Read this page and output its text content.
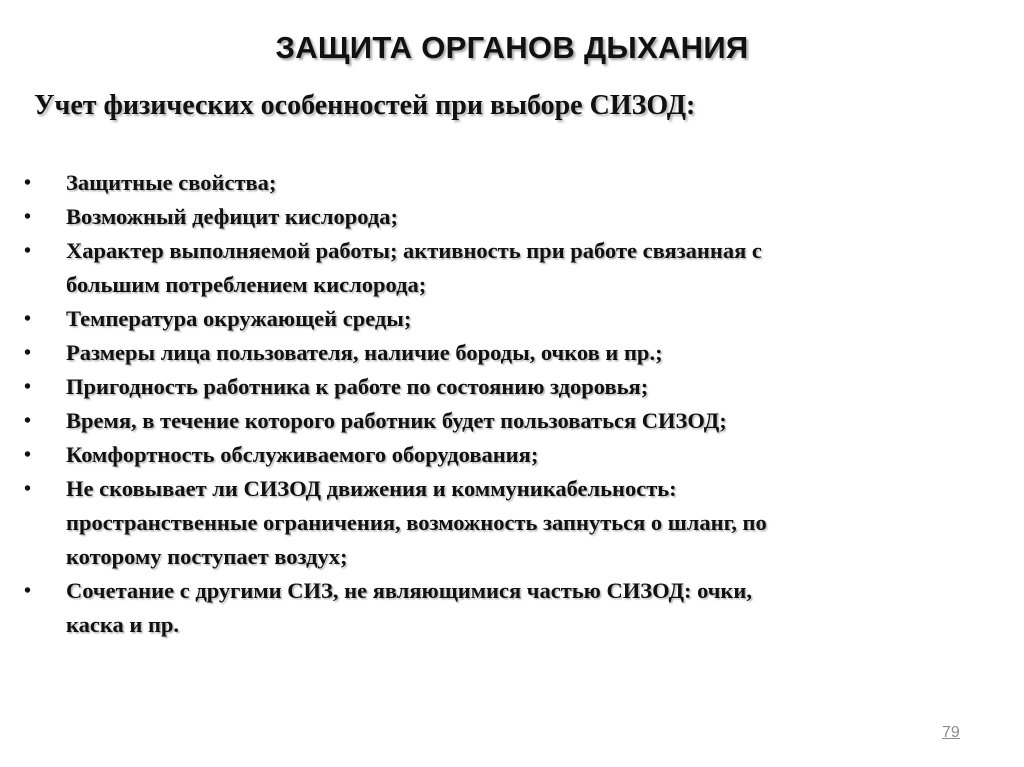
ЗАЩИТА ОРГАНОВ ДЫХАНИЯ
Учет физических особенностей при выборе СИЗОД:
• Защитные свойства;
• Возможный дефицит кислорода;
• Характер выполняемой работы; активность при работе связанная с
большим потреблением кислорода;
• Температура окружающей среды;
• Размеры лица пользователя, наличие бороды, очков и пр.;
• Пригодность работника к работе по состоянию здоровья;
• Время, в течение которого работник будет пользоваться СИЗОД;
• Комфортность обслуживаемого оборудования;
• Не сковывает ли СИЗОД движения и коммуникабельность:
пространственные ограничения, возможность запнуться о шланг, по
которому поступает воздух;
• Сочетание с другими СИЗ, не являющимися частью СИЗОД: очки,
каска и пр.
79
